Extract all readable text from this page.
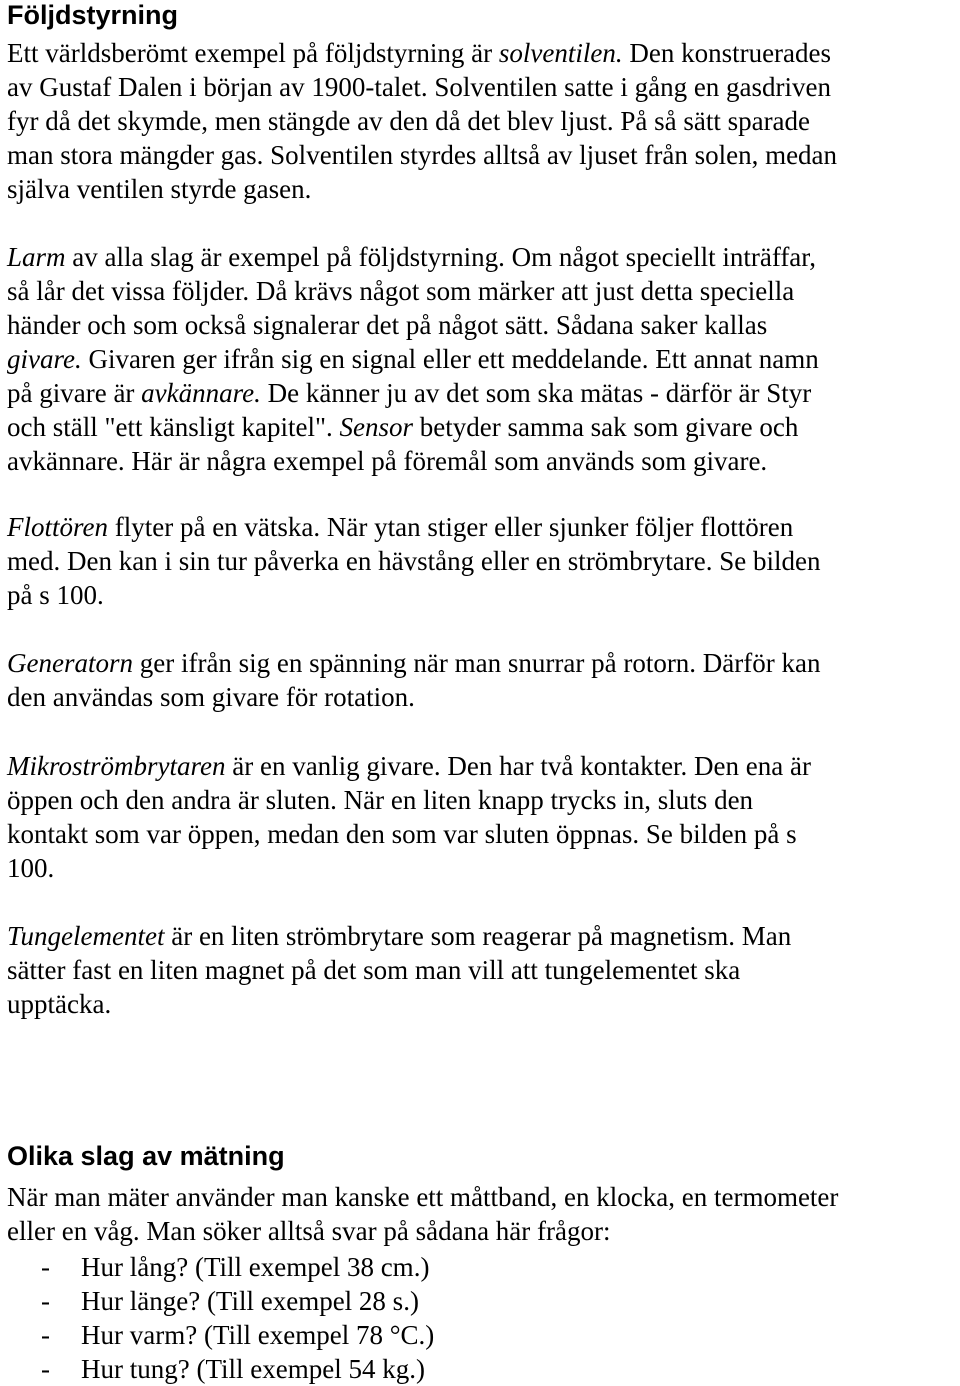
Följdstyrning
Ett världsberömt exempel på följdstyrning är solventilen. Den konstruerades
av Gustaf Dalen i början av 1900-talet. Solventilen satte i gång en gasdriven
fyr då det skymde, men stängde av den då det blev ljust. På så sätt sparade
man stora mängder gas. Solventilen styrdes alltså av ljuset från solen, medan
själva ventilen styrde gasen.
Larm av alla slag är exempel på följdstyrning. Om något speciellt inträffar,
så lår det vissa följder. Då krävs något som märker att just detta speciella
händer och som också signalerar det på något sätt. Sådana saker kallas
givare. Givaren ger ifrån sig en signal eller ett meddelande. Ett annat namn
på givare är avkännare. De känner ju av det som ska mätas - därför är Styr
och ställ "ett känsligt kapitel". Sensor betyder samma sak som givare och
avkännare. Här är några exempel på föremål som används som givare.
Flottören flyter på en vätska. När ytan stiger eller sjunker följer flottören
med. Den kan i sin tur påverka en hävstång eller en strömbrytare. Se bilden
på s 100.
Generatorn ger ifrån sig en spänning när man snurrar på rotorn. Därför kan
den användas som givare för rotation.
Mikroströmbrytaren är en vanlig givare. Den har två kontakter. Den ena är
öppen och den andra är sluten. När en liten knapp trycks in, sluts den
kontakt som var öppen, medan den som var sluten öppnas. Se bilden på s
100.
Tungelementet är en liten strömbrytare som reagerar på magnetism. Man
sätter fast en liten magnet på det som man vill att tungelementet ska
upptäcka.
Olika slag av mätning
När man mäter använder man kanske ett måttband, en klocka, en termometer
eller en våg. Man söker alltså svar på sådana här frågor:
-	Hur lång? (Till exempel 38 cm.)
-	Hur länge? (Till exempel 28 s.)
-	Hur varm? (Till exempel 78 °C.)
-	Hur tung? (Till exempel 54 kg.)
